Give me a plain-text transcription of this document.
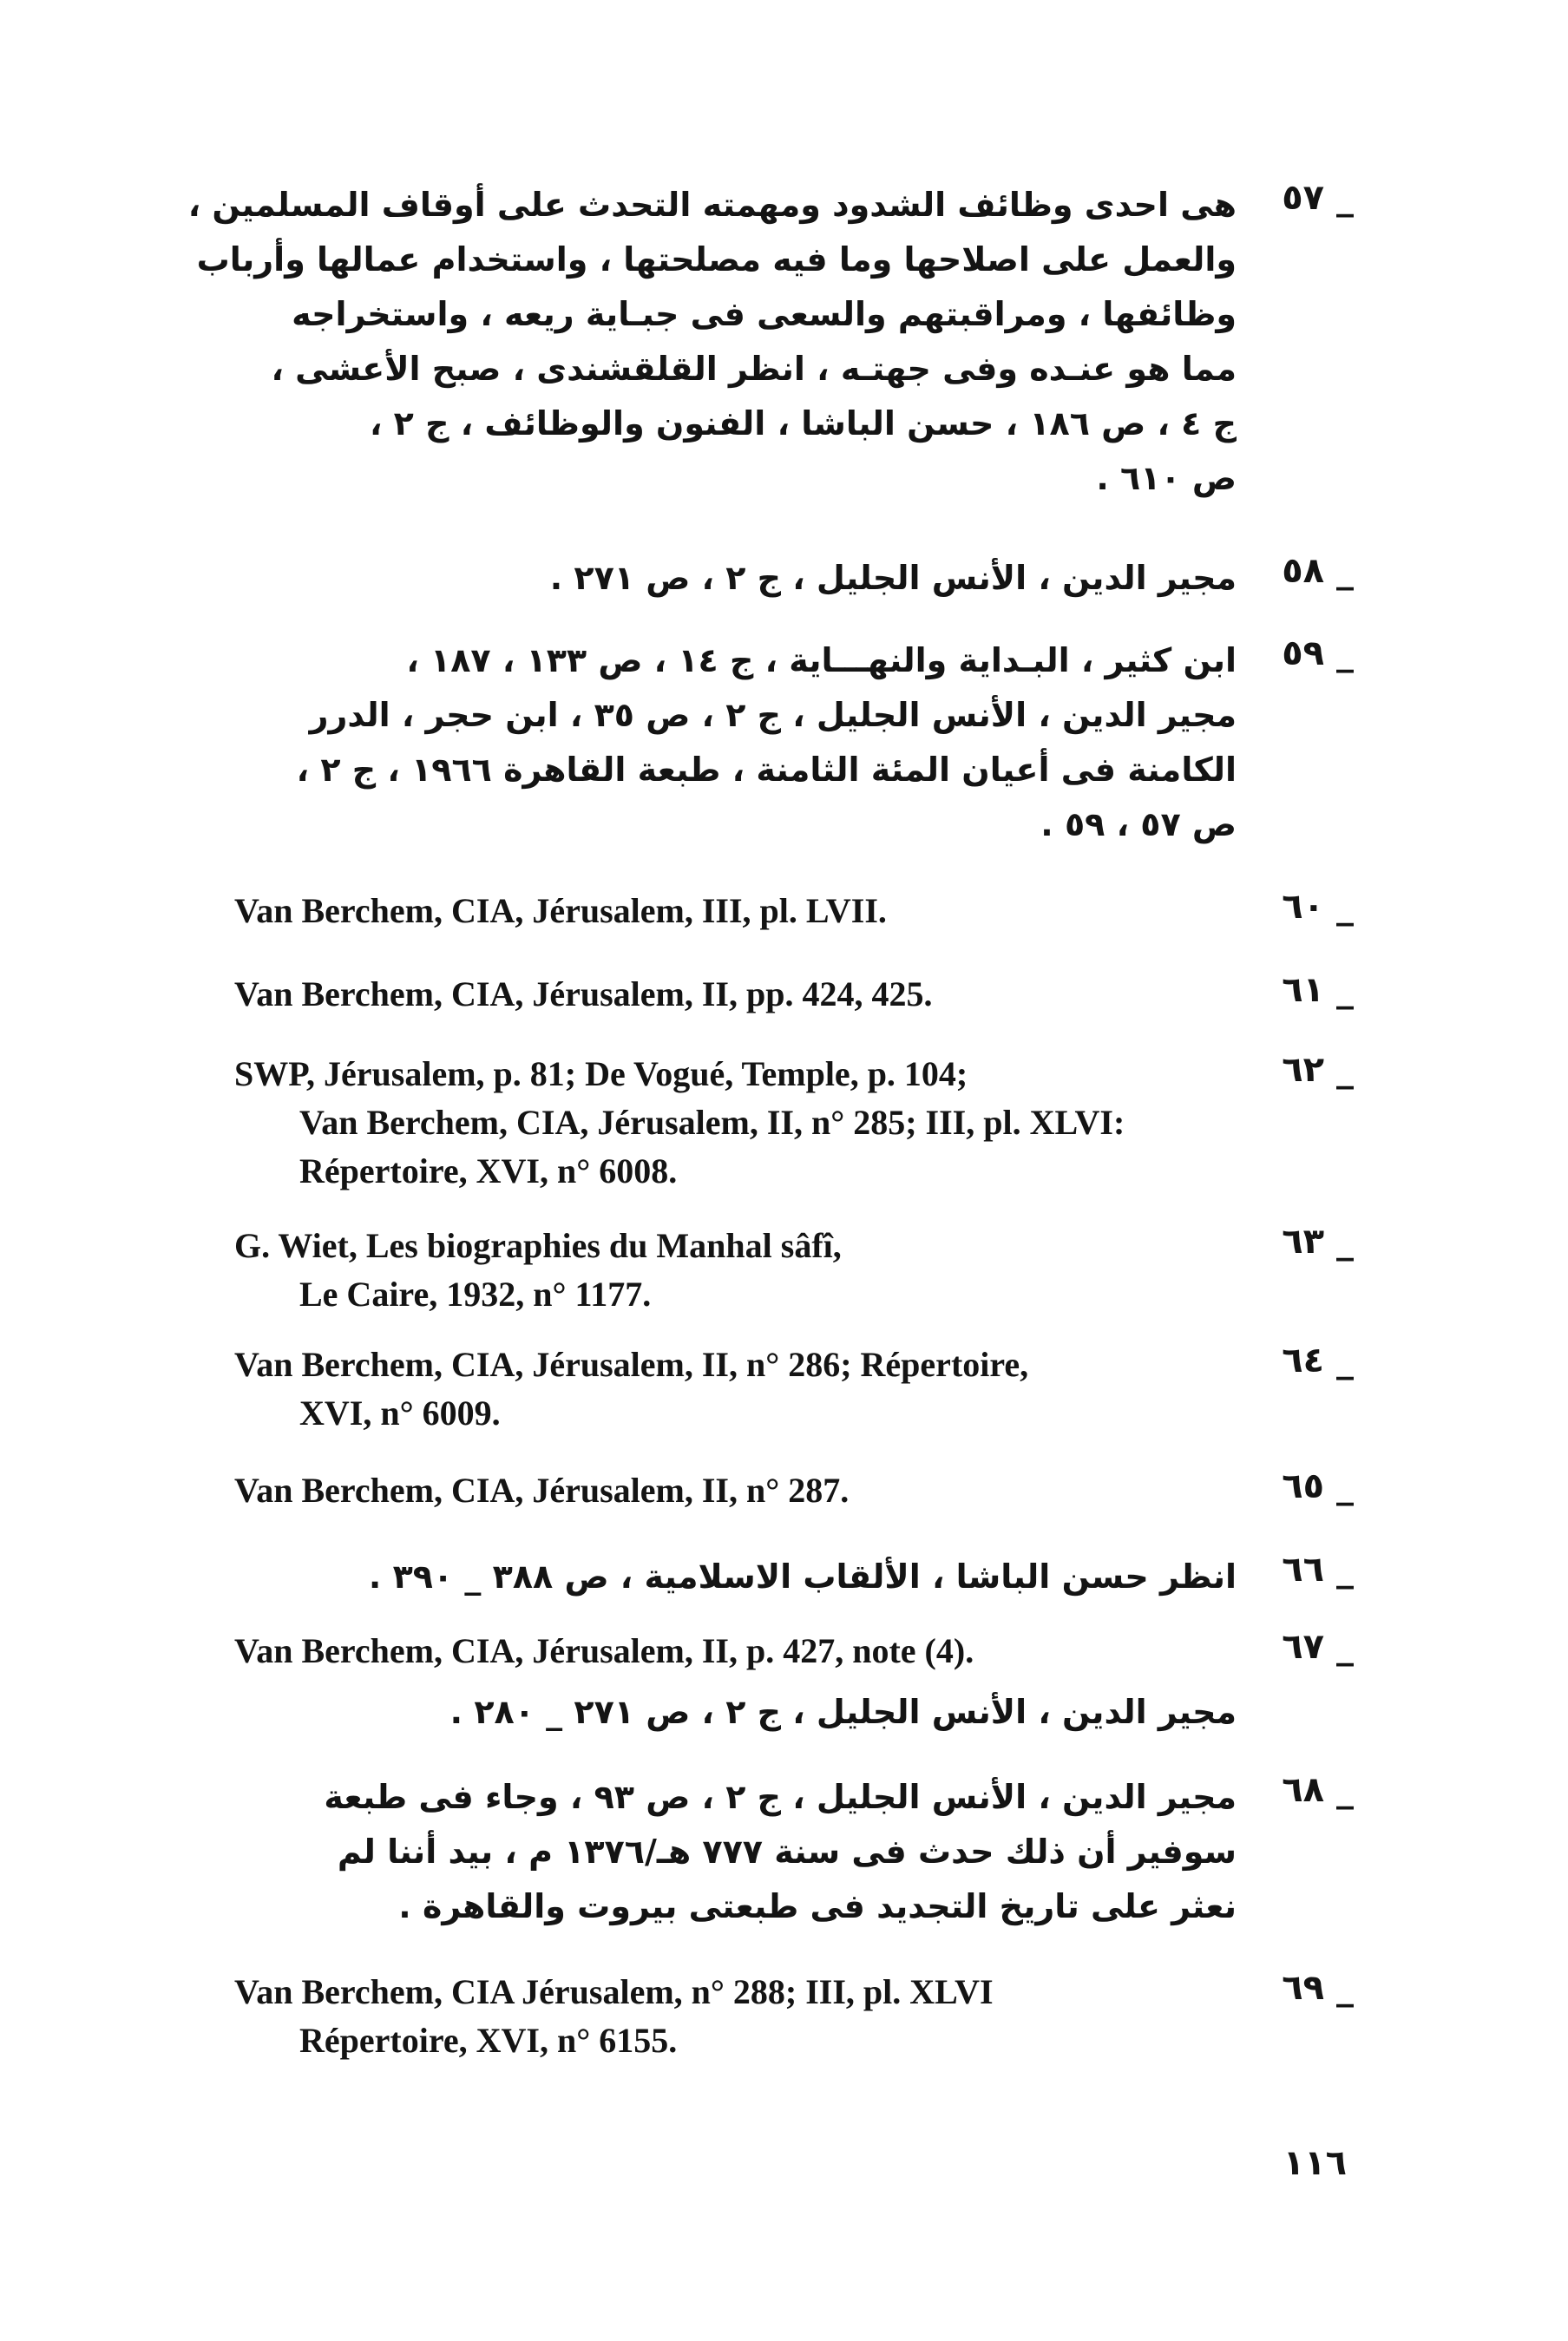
٥٧ _
هى احدى وظائف الشدود ومهمته التحدث على أوقاف المسلمين ،
والعمل على اصلاحها وما فيه مصلحتها ، واستخدام عمالها وأرباب
وظائفها ، ومراقبتهم والسعى فى جبـاية ريعه ، واستخراجه
مما هو عنـده وفى جهتـه ، انظر القلقشندى ، صبح الأعشى ،
ج ٤ ، ص ١٨٦ ، حسن الباشا ، الفنون والوظائف ، ج ٢ ،
ص ٦١٠ .
٥٨ _
مجير الدين ، الأنس الجليل ، ج ٢ ، ص ٢٧١ .
٥٩ _
ابن كثير ، البـداية والنهـــاية ، ج ١٤ ، ص ١٣٣ ، ١٨٧ ،
مجير الدين ، الأنس الجليل ، ج ٢ ، ص ٣٥ ، ابن حجر ، الدرر
الكامنة فى أعيان المئة الثامنة ، طبعة القاهرة ١٩٦٦ ، ج ٢ ،
ص ٥٧ ، ٥٩ .
٦٠ _
Van Berchem, CIA, Jérusalem, III, pl. LVII.
٦١ _
Van Berchem, CIA, Jérusalem, II, pp. 424, 425.
٦٢ _
SWP, Jérusalem, p. 81; De Vogué, Temple, p. 104;
Van Berchem, CIA, Jérusalem, II, n° 285; III, pl. XLVI:
Répertoire, XVI, n° 6008.
٦٣ _
G. Wiet, Les biographies du Manhal sâfî,
Le Caire, 1932, n° 1177.
٦٤ _
Van Berchem, CIA, Jérusalem, II, n° 286; Répertoire,
XVI, n° 6009.
٦٥ _
Van Berchem, CIA, Jérusalem, II, n° 287.
٦٦ _
انظر حسن الباشا ، الألقاب الاسلامية ، ص ٣٨٨ _ ٣٩٠ .
٦٧ _
Van Berchem, CIA, Jérusalem, II, p. 427, note (4).
مجير الدين ، الأنس الجليل ، ج ٢ ، ص ٢٧١ _ ٢٨٠ .
٦٨ _
مجير الدين ، الأنس الجليل ، ج ٢ ، ص ٩٣ ، وجاء فى طبعة
سوفير أن ذلك حدث فى سنة ٧٧٧ هـ/١٣٧٦ م ، بيد أننا لم
نعثر على تاريخ التجديد فى طبعتى بيروت والقاهرة .
٦٩ _
Van Berchem, CIA Jérusalem, n° 288; III, pl. XLVI
Répertoire, XVI, n° 6155.
١١٦
